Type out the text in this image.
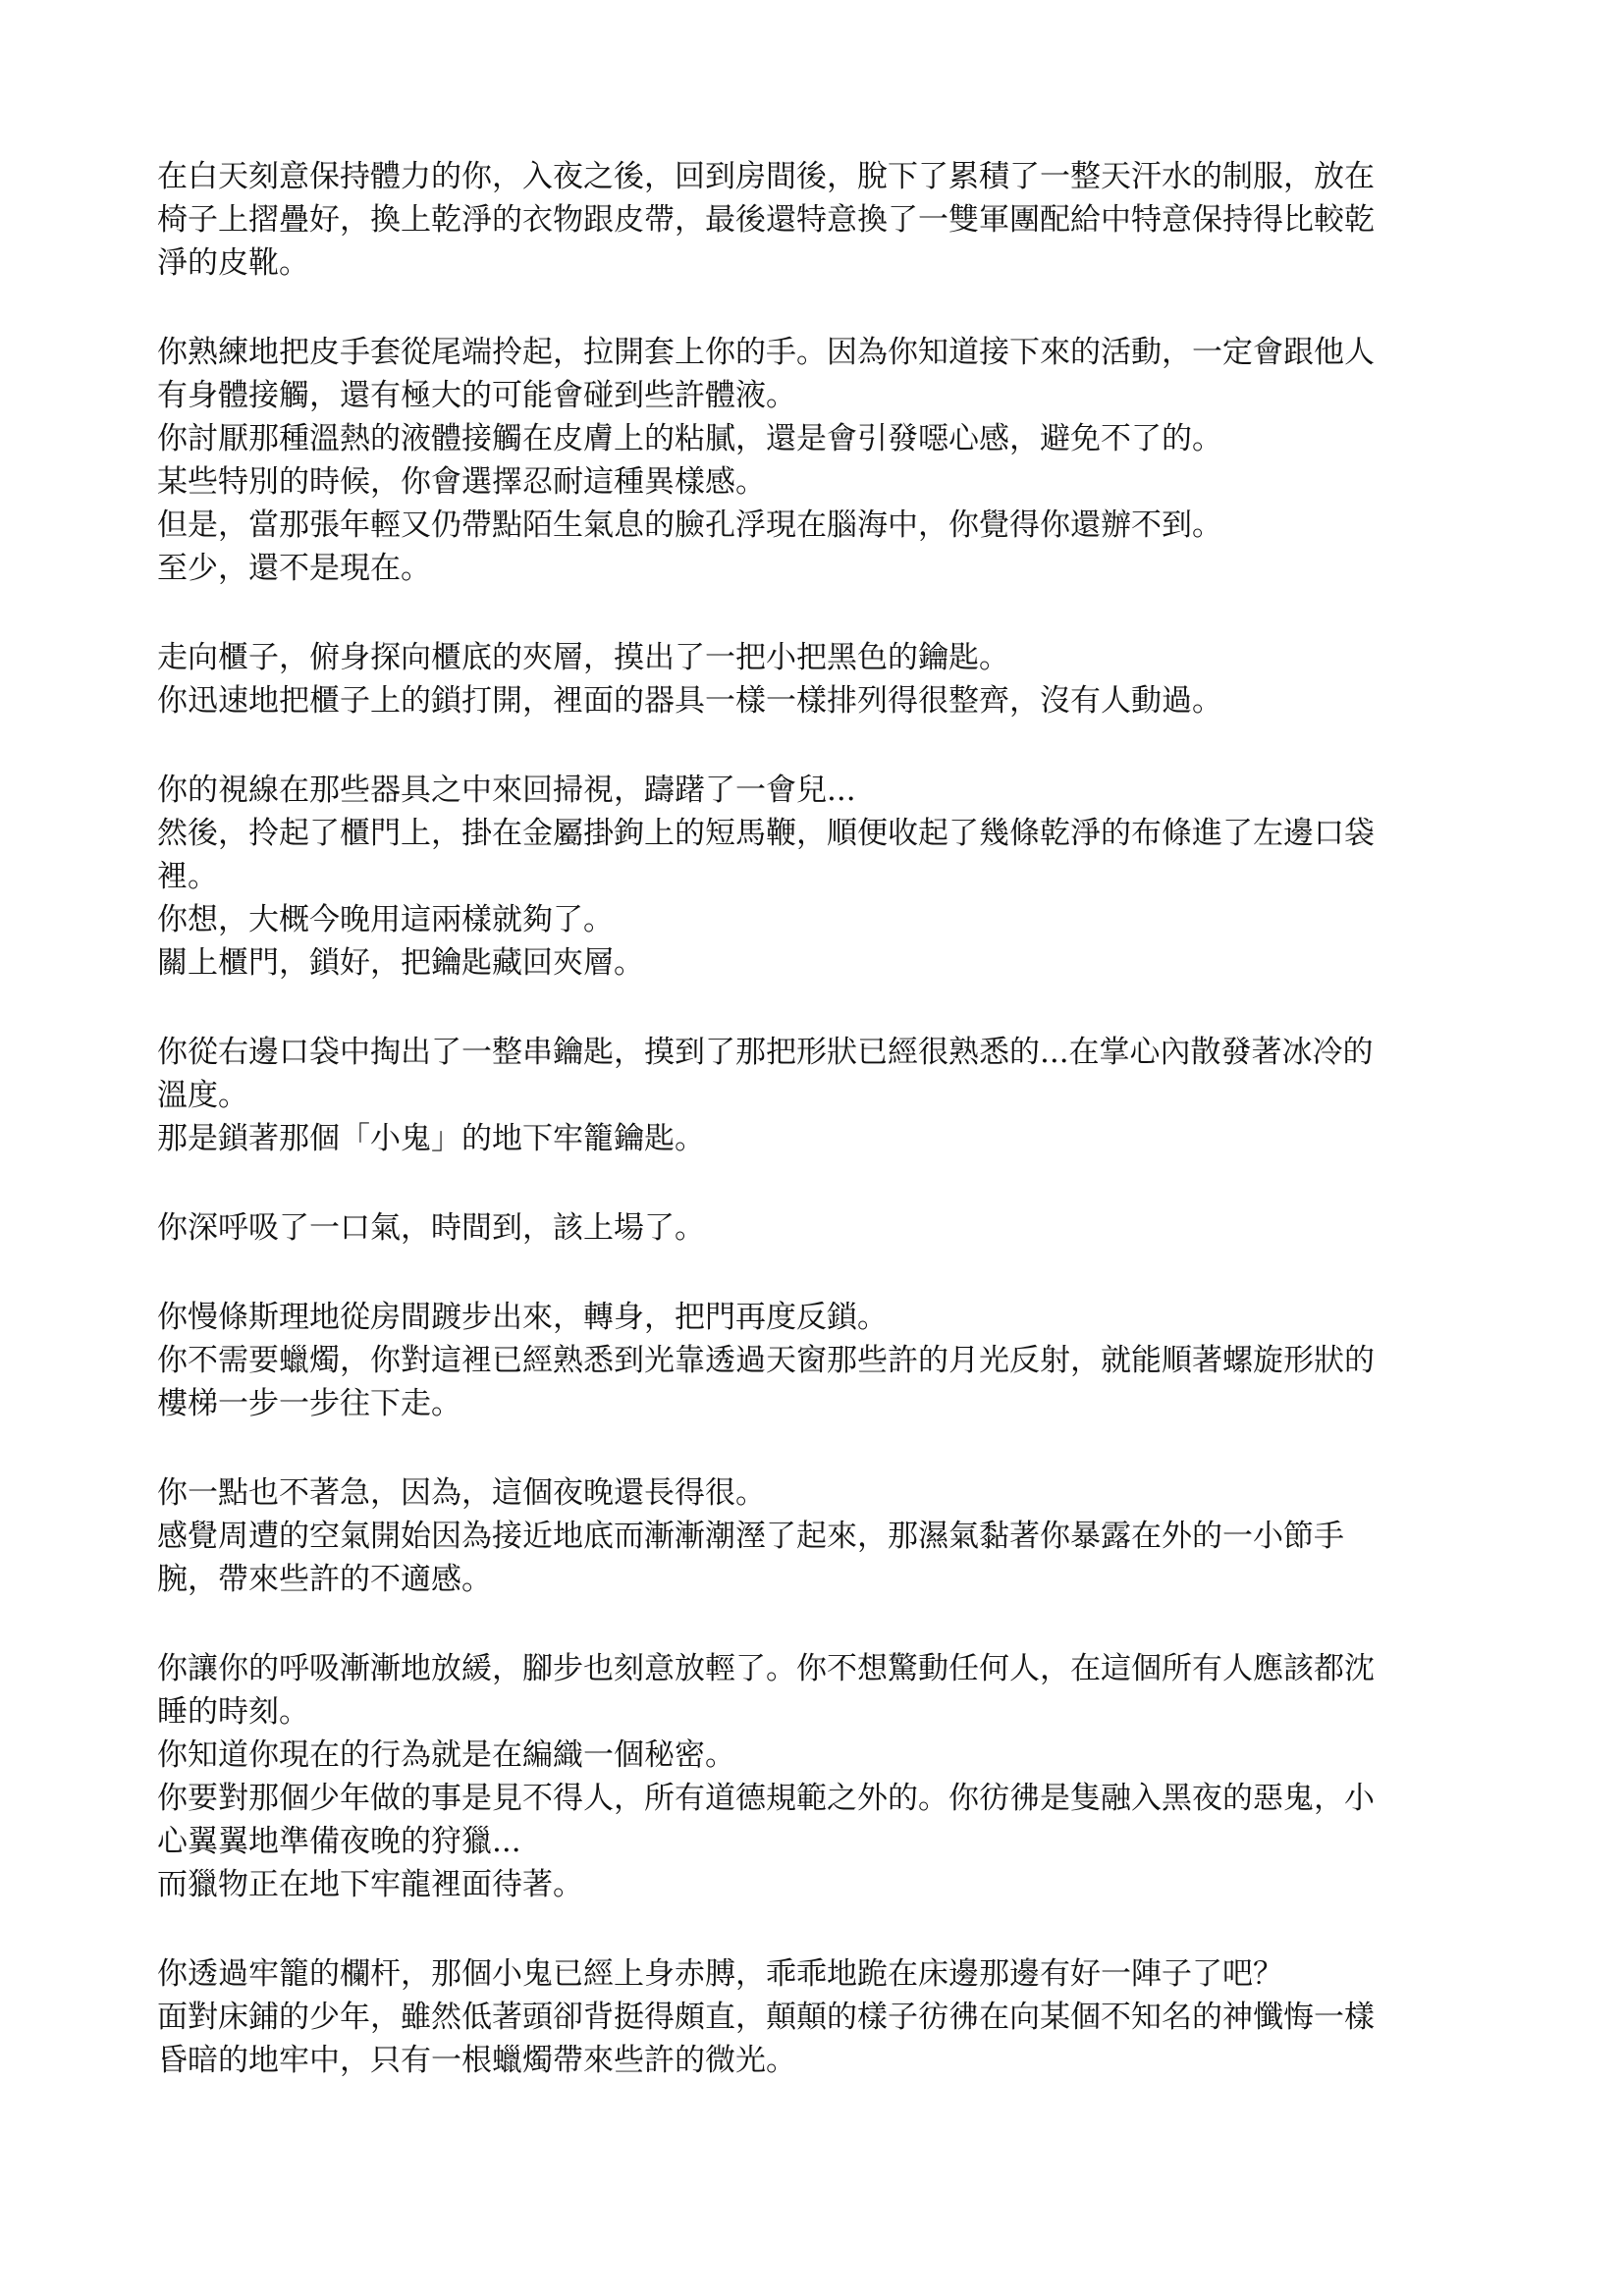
在白天刻意保持體力的你，入夜之後，回到房間後，脫下了累積了一整天汗水的制服，放在
椅子上摺疊好，換上乾淨的衣物跟皮帶，最後還特意換了一雙軍團配給中特意保持得比較乾
淨的皮靴。
你熟練地把皮手套從尾端拎起，拉開套上你的手。因為你知道接下來的活動，一定會跟他人
有身體接觸，還有極大的可能會碰到些許體液。
你討厭那種溫熱的液體接觸在皮膚上的粘膩，還是會引發噁心感，避免不了的。
某些特別的時候，你會選擇忍耐這種異樣感。
但是，當那張年輕又仍帶點陌生氣息的臉孔浮現在腦海中，你覺得你還辦不到。
至少，還不是現在。
走向櫃子，俯身探向櫃底的夾層，摸出了一把小把黑色的鑰匙。
你迅速地把櫃子上的鎖打開，裡面的器具一樣一樣排列得很整齊，沒有人動過。
你的視線在那些器具之中來回掃視，躊躇了一會兒...
然後，拎起了櫃門上，掛在金屬掛鉤上的短馬鞭，順便收起了幾條乾淨的布條進了左邊口袋
裡。
你想，大概今晚用這兩樣就夠了。
關上櫃門，鎖好，把鑰匙藏回夾層。
你從右邊口袋中掏出了一整串鑰匙，摸到了那把形狀已經很熟悉的...在掌心內散發著冰冷的
溫度。
那是鎖著那個「小鬼」的地下牢籠鑰匙。
你深呼吸了一口氣，時間到，該上場了。
你慢條斯理地從房間踱步出來，轉身，把門再度反鎖。
你不需要蠟燭，你對這裡已經熟悉到光靠透過天窗那些許的月光反射，就能順著螺旋形狀的
樓梯一步一步往下走。
你一點也不著急，因為，這個夜晚還長得很。
感覺周遭的空氣開始因為接近地底而漸漸潮溼了起來，那濕氣黏著你暴露在外的一小節手
腕，帶來些許的不適感。
你讓你的呼吸漸漸地放緩，腳步也刻意放輕了。你不想驚動任何人，在這個所有人應該都沈
睡的時刻。
你知道你現在的行為就是在編織一個秘密。
你要對那個少年做的事是見不得人，所有道德規範之外的。你彷彿是隻融入黑夜的惡鬼，小
心翼翼地準備夜晚的狩獵...
而獵物正在地下牢龍裡面待著。
你透過牢籠的欄杆，那個小鬼已經上身赤膊，乖乖地跪在床邊那邊有好一陣子了吧？
面對床鋪的少年，雖然低著頭卻背挺得頗直，顛顛的樣子彷彿在向某個不知名的神懺悔一樣
昏暗的地牢中，只有一根蠟燭帶來些許的微光。
